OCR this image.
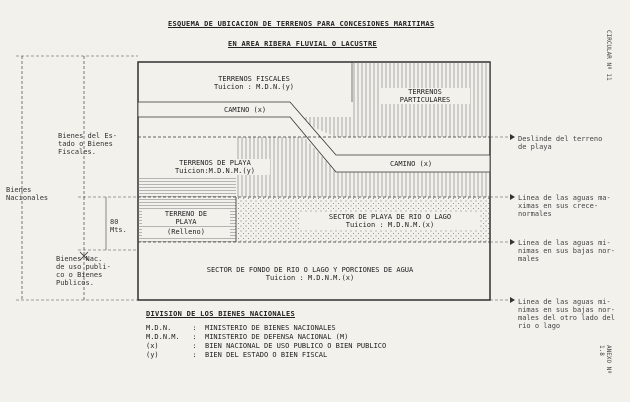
ESQUEMA DE UBICACION DE TERRENOS PARA CONCESIONES MARITIMAS
EN AREA RIBERA FLUVIAL O LACUSTRE
TERRENOS FISCALES
Tuicion : M.D.N.(y)
TERRENOS
PARTICULARES
CAMINO (x)
CAMINO (x)
TERRENOS DE PLAYA
Tuicion:M.D.N.M.(y)
TERRENO DE
PLAYA
(Relleno)
SECTOR DE PLAYA DE RIO O LAGO
Tuicion : M.D.N.M.(x)
SECTOR DE FONDO DE RIO O LAGO Y PORCIONES DE AGUA
Tuicion : M.D.N.M.(x)
Bienes del Es-
tado o Bienes
Fiscales.
Bienes
Nacionales
80
Mts.
Bienes Nac.
de uso publi-
co o Bienes
Publicos.
Deslinde del terreno
de playa
Linea de las aguas ma-
ximas en sus crece-
normales
Linea de las aguas mi-
nimas en sus bajas nor-
males
Linea de las aguas mi-
nimas en sus bajas nor-
males del otro lado del
rio o lago
DIVISION DE LOS BIENES NACIONALES
M.D.N.     :  MINISTERIO DE BIENES NACIONALES
M.D.N.M.   :  MINISTERIO DE DEFENSA NACIONAL (M)
(x)        :  BIEN NACIONAL DE USO PUBLICO O BIEN PUBLICO
(y)        :  BIEN DEL ESTADO O BIEN FISCAL
CIRCULAR Nº 11
ANEXO Nº
1.8
